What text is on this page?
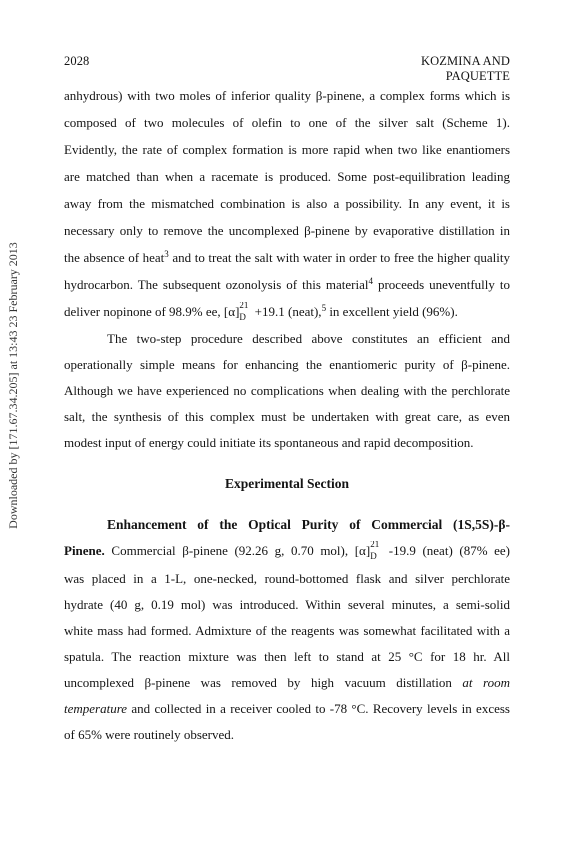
2028	KOZMINA AND PAQUETTE
Downloaded by [171.67.34.205] at 13:43 23 February 2013
anhydrous) with two moles of inferior quality β-pinene, a complex forms which is
composed of two molecules of olefin to one of the silver salt (Scheme 1).
Evidently, the rate of complex formation is more rapid when two like enantiomers
are matched than when a racemate is produced. Some post-equilibration leading
away from the mismatched combination is also a possibility. In any event, it is
necessary only to remove the uncomplexed β-pinene by evaporative distillation in
the absence of heat$^3$ and to treat the salt with water in order to free the higher quality
hydrocarbon. The subsequent ozonolysis of this material$^4$ proceeds uneventfully to
deliver nopinone of 98.9% ee, [α] 21
D +19.1 (neat),$^5$ in excellent yield (96%).
The two-step procedure described above constitutes an efficient and
operationally simple means for enhancing the enantiomeric purity of β-pinene.
Although we have experienced no complications when dealing with the perchlorate
salt, the synthesis of this complex must be undertaken with great care, as even
modest input of energy could initiate its spontaneous and rapid decomposition.
Experimental Section
Enhancement of the Optical Purity of Commercial (1S,5S)-β-
Pinene. Commercial β-pinene (92.26 g, 0.70 mol), [α] 21
D -19.9 (neat) (87% ee)
was placed in a 1-L, one-necked, round-bottomed flask and silver perchlorate
hydrate (40 g, 0.19 mol) was introduced. Within several minutes, a semi-solid
white mass had formed. Admixture of the reagents was somewhat facilitated with a
spatula. The reaction mixture was then left to stand at 25 °C for 18 hr. All
uncomplexed β-pinene was removed by high vacuum distillation at room
temperature and collected in a receiver cooled to -78 °C. Recovery levels in excess
of 65% were routinely observed.
